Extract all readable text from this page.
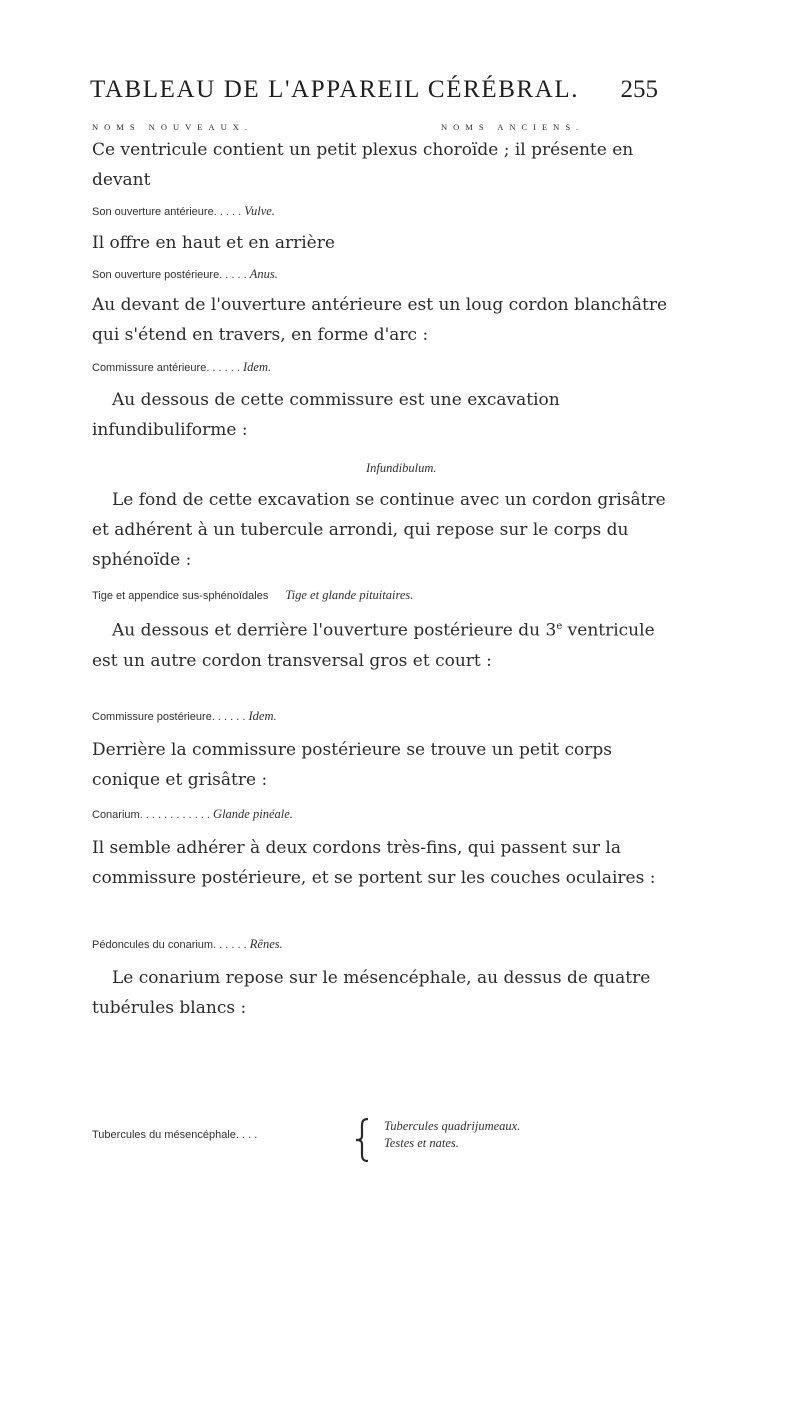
TABLEAU DE L'APPAREIL CÉRÉBRAL. 255
NOMS NOUVEAUX.	NOMS ANCIENS.

Ce ventricule contient un petit plexus choroïde ; il présente en devant

Son ouverture antérieure. . . . . Vulve.

Il offre en haut et en arrière

Son ouverture postérieure. . . . . Anus.

Au devant de l'ouverture antérieure est un loug cordon blanchâtre qui s'étend en travers, en forme d'arc :

Commissure antérieure. . . . . . Idem.

Au dessous de cette commissure est une excavation infundibuliforme :

Infundibulum.

Le fond de cette excavation se continue avec un cordon grisâtre et adhérent à un tubercule arrondi, qui repose sur le corps du sphénoïde :

Tige et appendice sus-sphénoïdales Tige et glande pituitaires.

Au dessous et derrière l'ouverture postérieure du 3e ventricule est un autre cordon transversal gros et court :

Commissure postérieure. . . . . . Idem.

Derrière la commissure postérieure se trouve un petit corps conique et grisâtre :

Conarium. . . . . . . . . . . . Glande pinéale.

Il semble adhérer à deux cordons très-fins, qui passent sur la commissure postérieure, et se portent sur les couches oculaires :

Pédoncules du conarium. . . . . . Rênes.

Le conarium repose sur le mésencéphale, au dessus de quatre tubérules blancs :

Tubercules du mésencéphale. . . .
Tubercules quadrijumeaux.
Testes et nates.
